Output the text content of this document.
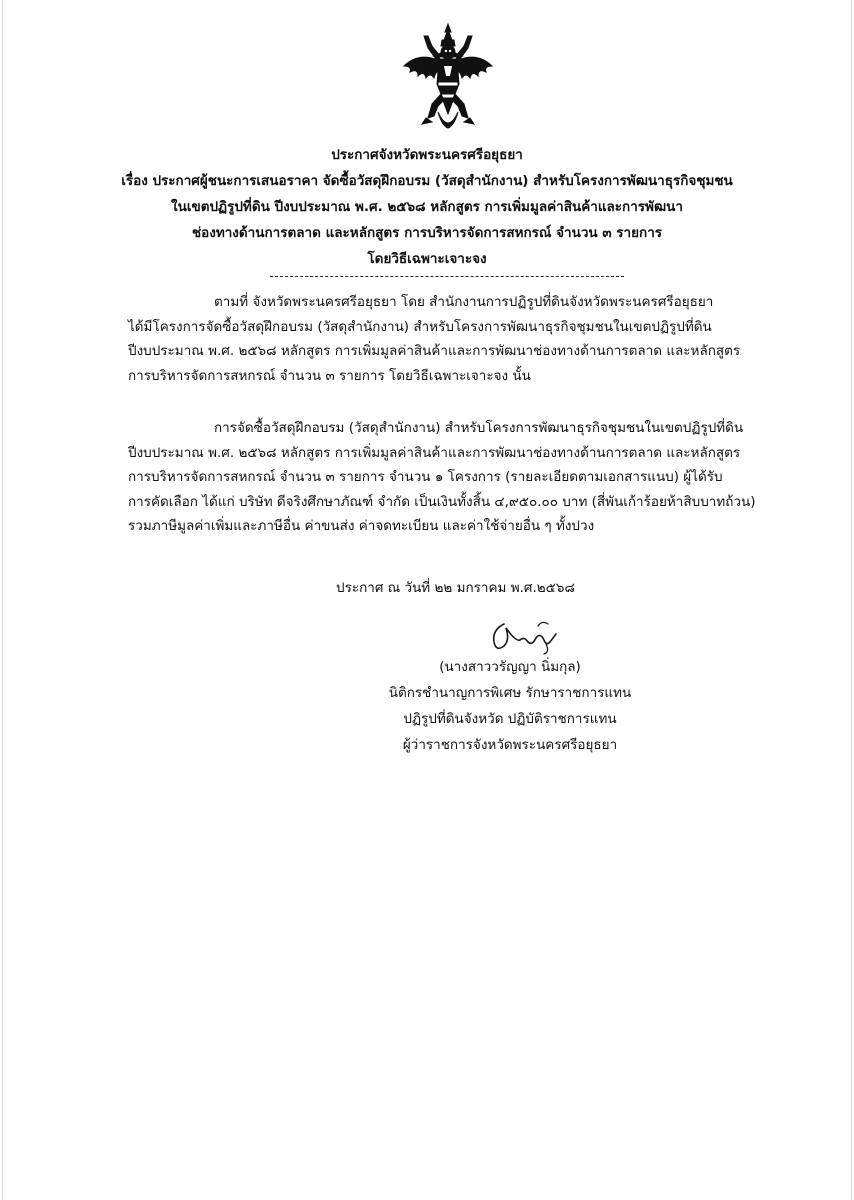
ประกาศจังหวัดพระนครศรีอยุธยา
เรื่อง ประกาศผู้ชนะการเสนอราคา จัดซื้อวัสดุฝึกอบรม (วัสดุสำนักงาน) สำหรับโครงการพัฒนาธุรกิจชุมชน
ในเขตปฏิรูปที่ดิน ปีงบประมาณ พ.ศ. ๒๕๖๘ หลักสูตร การเพิ่มมูลค่าสินค้าและการพัฒนา
ช่องทางด้านการตลาด และหลักสูตร การบริหารจัดการสหกรณ์ จำนวน ๓ รายการ
โดยวิธีเฉพาะเจาะจง
ตามที่ จังหวัดพระนครศรีอยุธยา โดย สำนักงานการปฏิรูปที่ดินจังหวัดพระนครศรีอยุธยา
ได้มีโครงการจัดซื้อวัสดุฝึกอบรม (วัสดุสำนักงาน) สำหรับโครงการพัฒนาธุรกิจชุมชนในเขตปฏิรูปที่ดิน
ปีงบประมาณ พ.ศ. ๒๕๖๘ หลักสูตร การเพิ่มมูลค่าสินค้าและการพัฒนาช่องทางด้านการตลาด และหลักสูตร
การบริหารจัดการสหกรณ์ จำนวน ๓ รายการ โดยวิธีเฉพาะเจาะจง นั้น
การจัดซื้อวัสดุฝึกอบรม (วัสดุสำนักงาน) สำหรับโครงการพัฒนาธุรกิจชุมชนในเขตปฏิรูปที่ดิน
ปีงบประมาณ พ.ศ. ๒๕๖๘ หลักสูตร การเพิ่มมูลค่าสินค้าและการพัฒนาช่องทางด้านการตลาด และหลักสูตร
การบริหารจัดการสหกรณ์ จำนวน ๓ รายการ จำนวน ๑ โครงการ (รายละเอียดตามเอกสารแนบ) ผู้ได้รับ
การคัดเลือก ได้แก่ บริษัท ดีจริงศึกษาภัณฑ์ จำกัด เป็นเงินทั้งสิ้น ๔,๙๕๐.๐๐ บาท (สี่พันเก้าร้อยห้าสิบบาทถ้วน)
รวมภาษีมูลค่าเพิ่มและภาษีอื่น ค่าขนส่ง ค่าจดทะเบียน และค่าใช้จ่ายอื่น ๆ ทั้งปวง
ประกาศ ณ วันที่ ๒๒ มกราคม พ.ศ.๒๕๖๘
(นางสาววรัญญา นิ่มกุล)
นิติกรชำนาญการพิเศษ รักษาราชการแทน
ปฏิรูปที่ดินจังหวัด ปฏิบัติราชการแทน
ผู้ว่าราชการจังหวัดพระนครศรีอยุธยา
